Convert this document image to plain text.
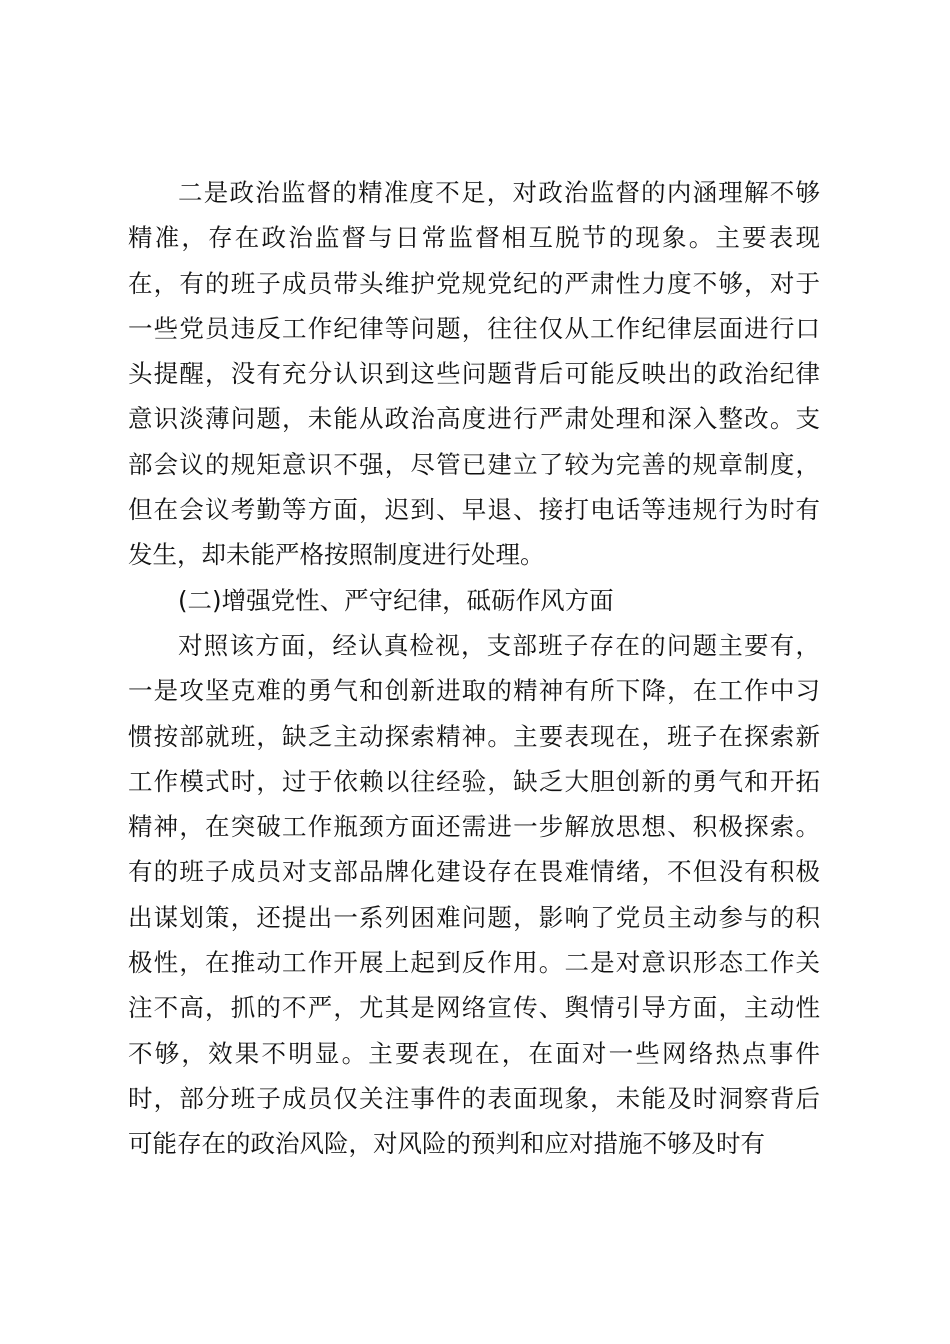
二是政治监督的精准度不足，对政治监督的内涵理解不够
精准，存在政治监督与日常监督相互脱节的现象。主要表现
在，有的班子成员带头维护党规党纪的严肃性力度不够，对于
一些党员违反工作纪律等问题，往往仅从工作纪律层面进行口
头提醒，没有充分认识到这些问题背后可能反映出的政治纪律
意识淡薄问题，未能从政治高度进行严肃处理和深入整改。支
部会议的规矩意识不强，尽管已建立了较为完善的规章制度，
但在会议考勤等方面，迟到、早退、接打电话等违规行为时有
发生，却未能严格按照制度进行处理。
(二)增强党性、严守纪律，砥砺作风方面
对照该方面，经认真检视，支部班子存在的问题主要有，
一是攻坚克难的勇气和创新进取的精神有所下降，在工作中习
惯按部就班，缺乏主动探索精神。主要表现在，班子在探索新
工作模式时，过于依赖以往经验，缺乏大胆创新的勇气和开拓
精神，在突破工作瓶颈方面还需进一步解放思想、积极探索。
有的班子成员对支部品牌化建设存在畏难情绪，不但没有积极
出谋划策，还提出一系列困难问题，影响了党员主动参与的积
极性，在推动工作开展上起到反作用。二是对意识形态工作关
注不高，抓的不严，尤其是网络宣传、舆情引导方面，主动性
不够，效果不明显。主要表现在，在面对一些网络热点事件
时，部分班子成员仅关注事件的表面现象，未能及时洞察背后
可能存在的政治风险，对风险的预判和应对措施不够及时有
